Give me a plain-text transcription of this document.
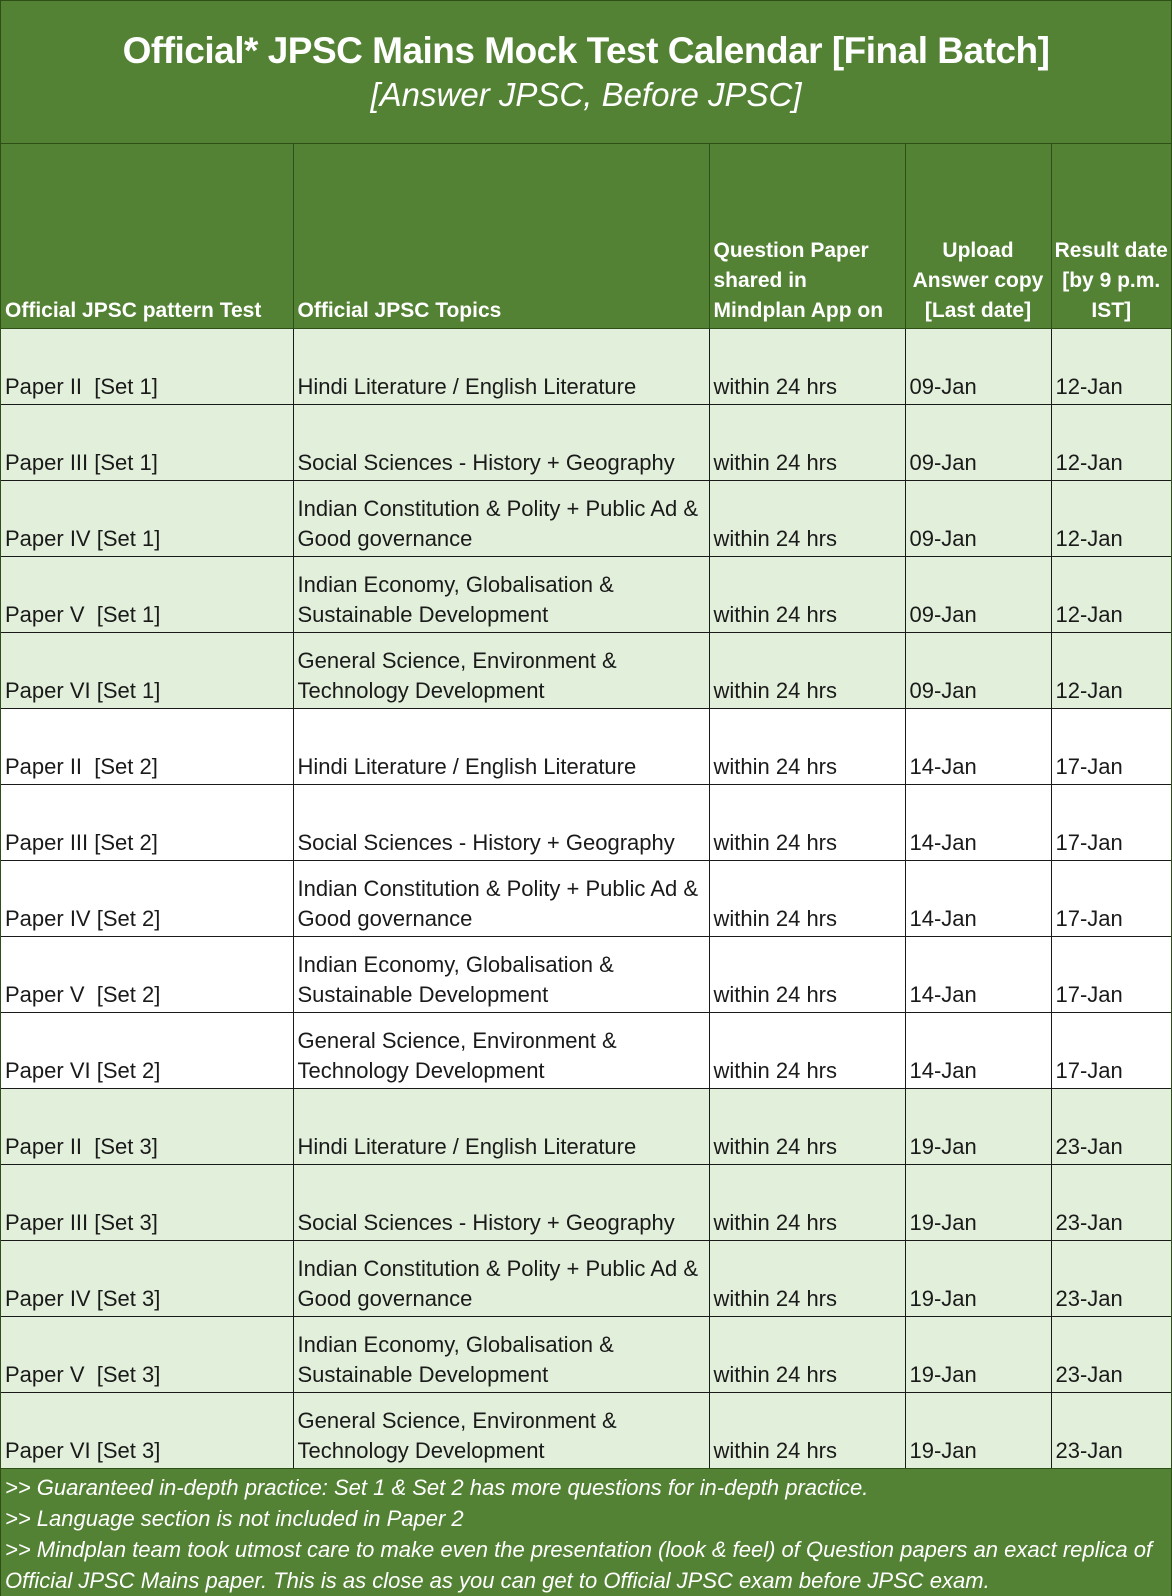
Official* JPSC Mains Mock Test Calendar [Final Batch]
[Answer JPSC, Before JPSC]
Official JPSC pattern Test	Official JPSC Topics	Question Paper shared in Mindplan App on	Upload Answer copy [Last date]	Result date [by 9 p.m. IST]
Paper II  [Set 1]	Hindi Literature / English Literature	within 24 hrs	09-Jan	12-Jan
Paper III [Set 1]	Social Sciences - History + Geography	within 24 hrs	09-Jan	12-Jan
Paper IV [Set 1]	Indian Constitution & Polity + Public Ad &
Good governance	within 24 hrs	09-Jan	12-Jan
Paper V  [Set 1]	Indian Economy, Globalisation &
Sustainable Development	within 24 hrs	09-Jan	12-Jan
Paper VI [Set 1]	General Science, Environment &
Technology Development	within 24 hrs	09-Jan	12-Jan
Paper II  [Set 2]	Hindi Literature / English Literature	within 24 hrs	14-Jan	17-Jan
Paper III [Set 2]	Social Sciences - History + Geography	within 24 hrs	14-Jan	17-Jan
Paper IV [Set 2]	Indian Constitution & Polity + Public Ad &
Good governance	within 24 hrs	14-Jan	17-Jan
Paper V  [Set 2]	Indian Economy, Globalisation &
Sustainable Development	within 24 hrs	14-Jan	17-Jan
Paper VI [Set 2]	General Science, Environment &
Technology Development	within 24 hrs	14-Jan	17-Jan
Paper II  [Set 3]	Hindi Literature / English Literature	within 24 hrs	19-Jan	23-Jan
Paper III [Set 3]	Social Sciences - History + Geography	within 24 hrs	19-Jan	23-Jan
Paper IV [Set 3]	Indian Constitution & Polity + Public Ad &
Good governance	within 24 hrs	19-Jan	23-Jan
Paper V  [Set 3]	Indian Economy, Globalisation &
Sustainable Development	within 24 hrs	19-Jan	23-Jan
Paper VI [Set 3]	General Science, Environment &
Technology Development	within 24 hrs	19-Jan	23-Jan

>> Guaranteed in-depth practice: Set 1 & Set 2 has more questions for in-depth practice.

>> Language section is not included in Paper 2

>> Mindplan team took utmost care to make even the presentation (look & feel) of Question papers an exact replica of Official JPSC Mains paper. This is as close as you can get to Official JPSC exam before JPSC exam.
